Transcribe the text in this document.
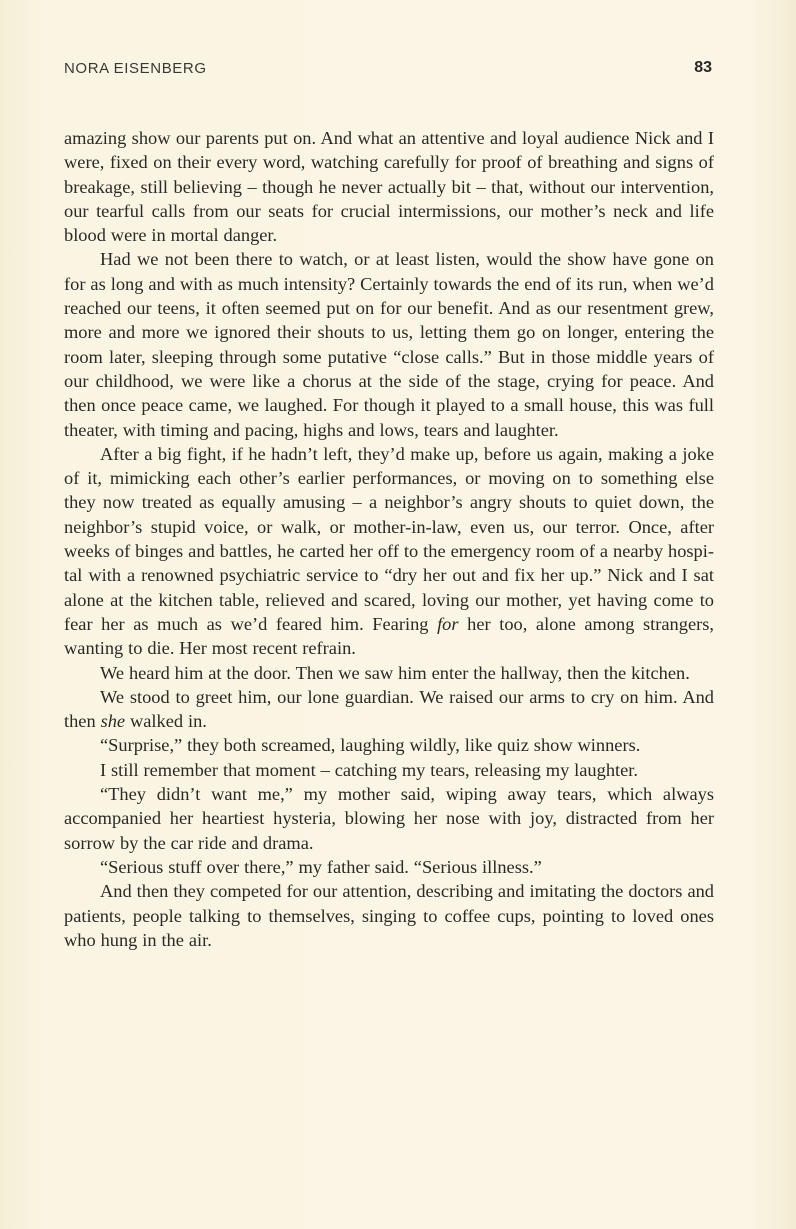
NORA EISENBERG	83

amazing show our parents put on. And what an attentive and loyal audience Nick and I were, fixed on their every word, watching carefully for proof of breathing and signs of breakage, still believing – though he never actually bit – that, without our intervention, our tearful calls from our seats for crucial intermissions, our mother’s neck and life blood were in mortal danger.

Had we not been there to watch, or at least listen, would the show have gone on for as long and with as much intensity? Certainly towards the end of its run, when we’d reached our teens, it often seemed put on for our benefit. And as our resentment grew, more and more we ignored their shouts to us, letting them go on longer, entering the room later, sleeping through some putative “close calls.” But in those middle years of our childhood, we were like a chorus at the side of the stage, crying for peace. And then once peace came, we laughed. For though it played to a small house, this was full theater, with timing and pacing, highs and lows, tears and laughter.

After a big fight, if he hadn’t left, they’d make up, before us again, making a joke of it, mimicking each other’s earlier performances, or moving on to something else they now treated as equally amusing – a neighbor’s angry shouts to quiet down, the neighbor’s stupid voice, or walk, or mother-in-law, even us, our terror. Once, after weeks of binges and battles, he carted her off to the emergency room of a nearby hospital with a renowned psychiatric service to “dry her out and fix her up.” Nick and I sat alone at the kitchen table, relieved and scared, loving our mother, yet having come to fear her as much as we’d feared him. Fearing for her too, alone among strangers, wanting to die. Her most recent refrain.

We heard him at the door. Then we saw him enter the hallway, then the kitchen.

We stood to greet him, our lone guardian. We raised our arms to cry on him. And then she walked in.

“Surprise,” they both screamed, laughing wildly, like quiz show winners.

I still remember that moment – catching my tears, releasing my laughter.

“They didn’t want me,” my mother said, wiping away tears, which always accompanied her heartiest hysteria, blowing her nose with joy, distracted from her sorrow by the car ride and drama.

“Serious stuff over there,” my father said. “Serious illness.”

And then they competed for our attention, describing and imitating the doctors and patients, people talking to themselves, singing to coffee cups, pointing to loved ones who hung in the air.
